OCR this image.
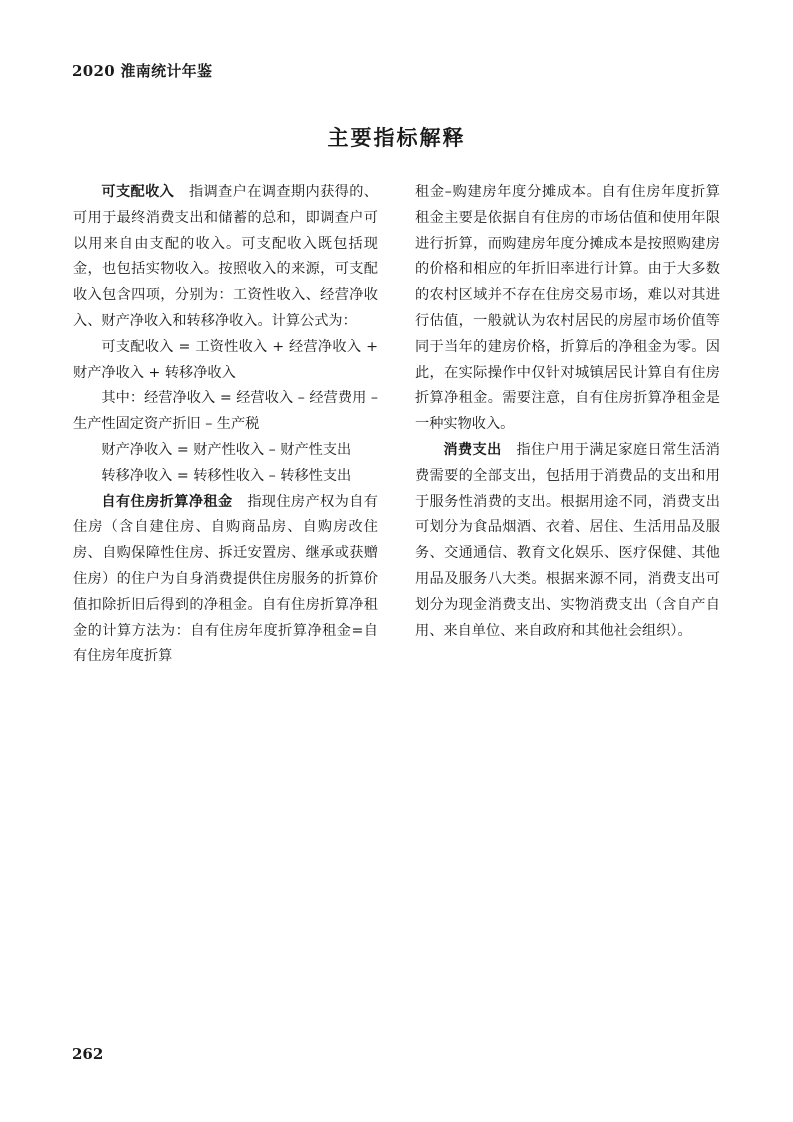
2020 淮南统计年鉴
主要指标解释

可支配收入 指调查户在调查期内获得的、可用于最终消费支出和储蓄的总和，即调查户可以用来自由支配的收入。可支配收入既包括现金，也包括实物收入。按照收入的来源，可支配收入包含四项，分别为：工资性收入、经营净收入、财产净收入和转移净收入。计算公式为：

可支配收入 = 工资性收入 + 经营净收入 + 财产净收入 + 转移净收入

其中：经营净收入 = 经营收入 – 经营费用 – 生产性固定资产折旧 – 生产税

财产净收入 = 财产性收入 – 财产性支出

转移净收入 = 转移性收入 – 转移性支出

自有住房折算净租金 指现住房产权为自有住房（含自建住房、自购商品房、自购房改住房、自购保障性住房、拆迁安置房、继承或获赠住房）的住户为自身消费提供住房服务的折算价值扣除折旧后得到的净租金。自有住房折算净租金的计算方法为：自有住房年度折算净租金=自有住房年度折算

租金–购建房年度分摊成本。自有住房年度折算租金主要是依据自有住房的市场估值和使用年限进行折算，而购建房年度分摊成本是按照购建房的价格和相应的年折旧率进行计算。由于大多数的农村区域并不存在住房交易市场，难以对其进行估值，一般就认为农村居民的房屋市场价值等同于当年的建房价格，折算后的净租金为零。因此，在实际操作中仅针对城镇居民计算自有住房折算净租金。需要注意，自有住房折算净租金是一种实物收入。

消费支出 指住户用于满足家庭日常生活消费需要的全部支出，包括用于消费品的支出和用于服务性消费的支出。根据用途不同，消费支出可划分为食品烟酒、衣着、居住、生活用品及服务、交通通信、教育文化娱乐、医疗保健、其他用品及服务八大类。根据来源不同，消费支出可划分为现金消费支出、实物消费支出（含自产自用、来自单位、来自政府和其他社会组织）。

262
